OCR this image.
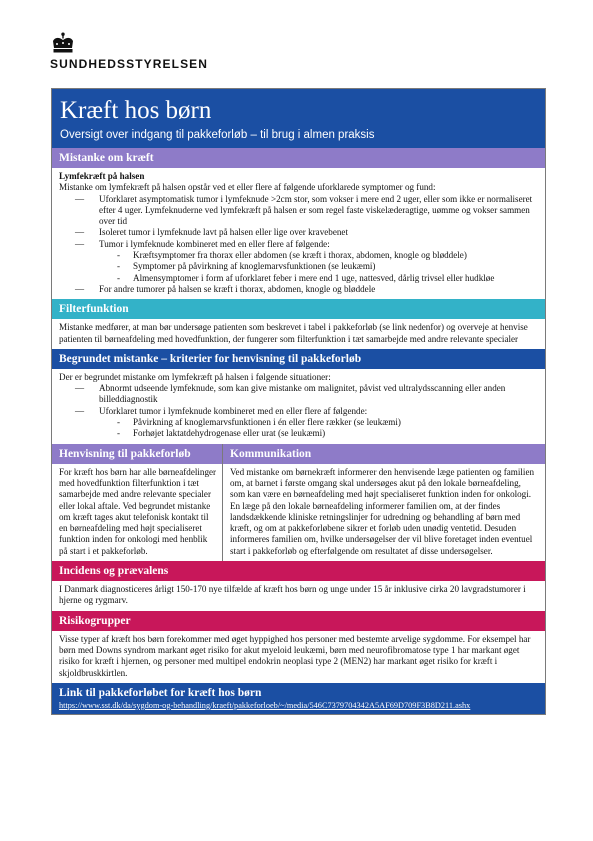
SUNDHEDSSTYRELSEN
Kræft hos børn
Oversigt over indgang til pakkeforløb – til brug i almen praksis
Mistanke om kræft

Lymfekræft på halsen

Mistanke om lymfekræft på halsen opstår ved et eller flere af følgende uforklarede symptomer og fund:

— Uforklaret asymptomatisk tumor i lymfeknude >2cm stor, som vokser i mere end 2 uger, eller som ikke er normaliseret efter 4 uger. Lymfeknuderne ved lymfekræft på halsen er som regel faste viskelæderagtige, uømme og vokser sammen over tid
— Isoleret tumor i lymfeknude lavt på halsen eller lige over kravebenet
— Tumor i lymfeknude kombineret med en eller flere af følgende:
- Kræftsymptomer fra thorax eller abdomen (se kræft i thorax, abdomen, knogle og bløddele)
- Symptomer på påvirkning af knoglemarvsfunktionen (se leukæmi)
- Almensymptomer i form af uforklaret feber i mere end 1 uge, nattesved, dårlig trivsel eller hudkløe
— For andre tumorer på halsen se kræft i thorax, abdomen, knogle og bløddele
Filterfunktion

Mistanke medfører, at man bør undersøge patienten som beskrevet i tabel i pakkeforløb (se link nedenfor) og overveje at henvise patienten til børneafdeling med hovedfunktion, der fungerer som filterfunktion i tæt samarbejde med andre relevante specialer

Begrundet mistanke – kriterier for henvisning til pakkeforløb

Der er begrundet mistanke om lymfekræft på halsen i følgende situationer:

— Abnormt udseende lymfeknude, som kan give mistanke om malignitet, påvist ved ultralydsscanning eller anden billeddiagnostik
— Uforklaret tumor i lymfeknude kombineret med en eller flere af følgende:
- Påvirkning af knoglemarvsfunktionen i én eller flere rækker (se leukæmi)
- Forhøjet laktatdehydrogenase eller urat (se leukæmi)
Henvisning til pakkeforløb

For kræft hos børn har alle børneafdelinger med hovedfunktion filterfunktion i tæt samarbejde med andre relevante specialer eller lokal aftale. Ved begrundet mistanke om kræft tages akut telefonisk kontakt til en børneafdeling med højt specialiseret funktion inden for onkologi med henblik på start i et pakkeforløb.

Kommunikation

Ved mistanke om børnekræft informerer den henvisende læge patienten og familien om, at barnet i første omgang skal undersøges akut på den lokale børneafdeling, som kan være en børneafdeling med højt specialiseret funktion inden for onkologi. En læge på den lokale børneafdeling informerer familien om, at der findes landsdækkende kliniske retningslinjer for udredning og behandling af børn med kræft, og om at pakkeforløbene sikrer et forløb uden unødig ventetid. Desuden informeres familien om, hvilke undersøgelser der vil blive foretaget inden eventuel start i pakkeforløb og efterfølgende om resultatet af disse undersøgelser.

Incidens og prævalens

I Danmark diagnosticeres årligt 150-170 nye tilfælde af kræft hos børn og unge under 15 år inklusive cirka 20 lavgradstumorer i hjerne og rygmarv.

Risikogrupper

Visse typer af kræft hos børn forekommer med øget hyppighed hos personer med bestemte arvelige sygdomme. For eksempel har børn med Downs syndrom markant øget risiko for akut myeloid leukæmi, børn med neurofibromatose type 1 har markant øget risiko for kræft i hjernen, og personer med multipel endokrin neoplasi type 2 (MEN2) har markant øget risiko for kræft i skjoldbruskkirtlen.

Link til pakkeforløbet for kræft hos børn
https://www.sst.dk/da/sygdom-og-behandling/kraeft/pakkeforloeb/~/media/546C7379704342A5AF69D709F3B8D211.ashx
